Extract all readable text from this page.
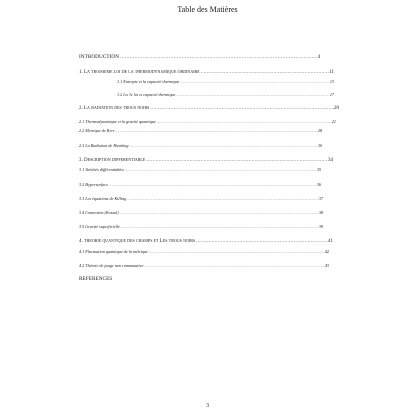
Table des Matières
INTRODUCTION .....	4
1. La troisieme loi de la thermodynamique ordinaire .....	11
1.1 Entropie et la capacité thermique .....	13
1.2 La 3e loi et capacité thermique .....	17
2. La radiation des trous noirs .....	20
2.1 Thermodynamique et la gravité quantique .....	21
2.2 Metrique de Kerr .....	28
2.3 La Radiation de Hawking .....	30
3. Description differentiable .....	34
3.1 Variétés différentiables .....	35
3.2 Hypersurface .....	36
3.3 Les équations de Killing .....	37
3.4 Connexion (Koszul) .....	38
3.5 Gravité superficielle .....	39
4. theorie quantique des champs et Les trous noirs .....	41
4.1 Fluctuation quantique de la métrique .....	42
4.2 Théorie de jauge non commutative .....	43
REFERENCES
3
